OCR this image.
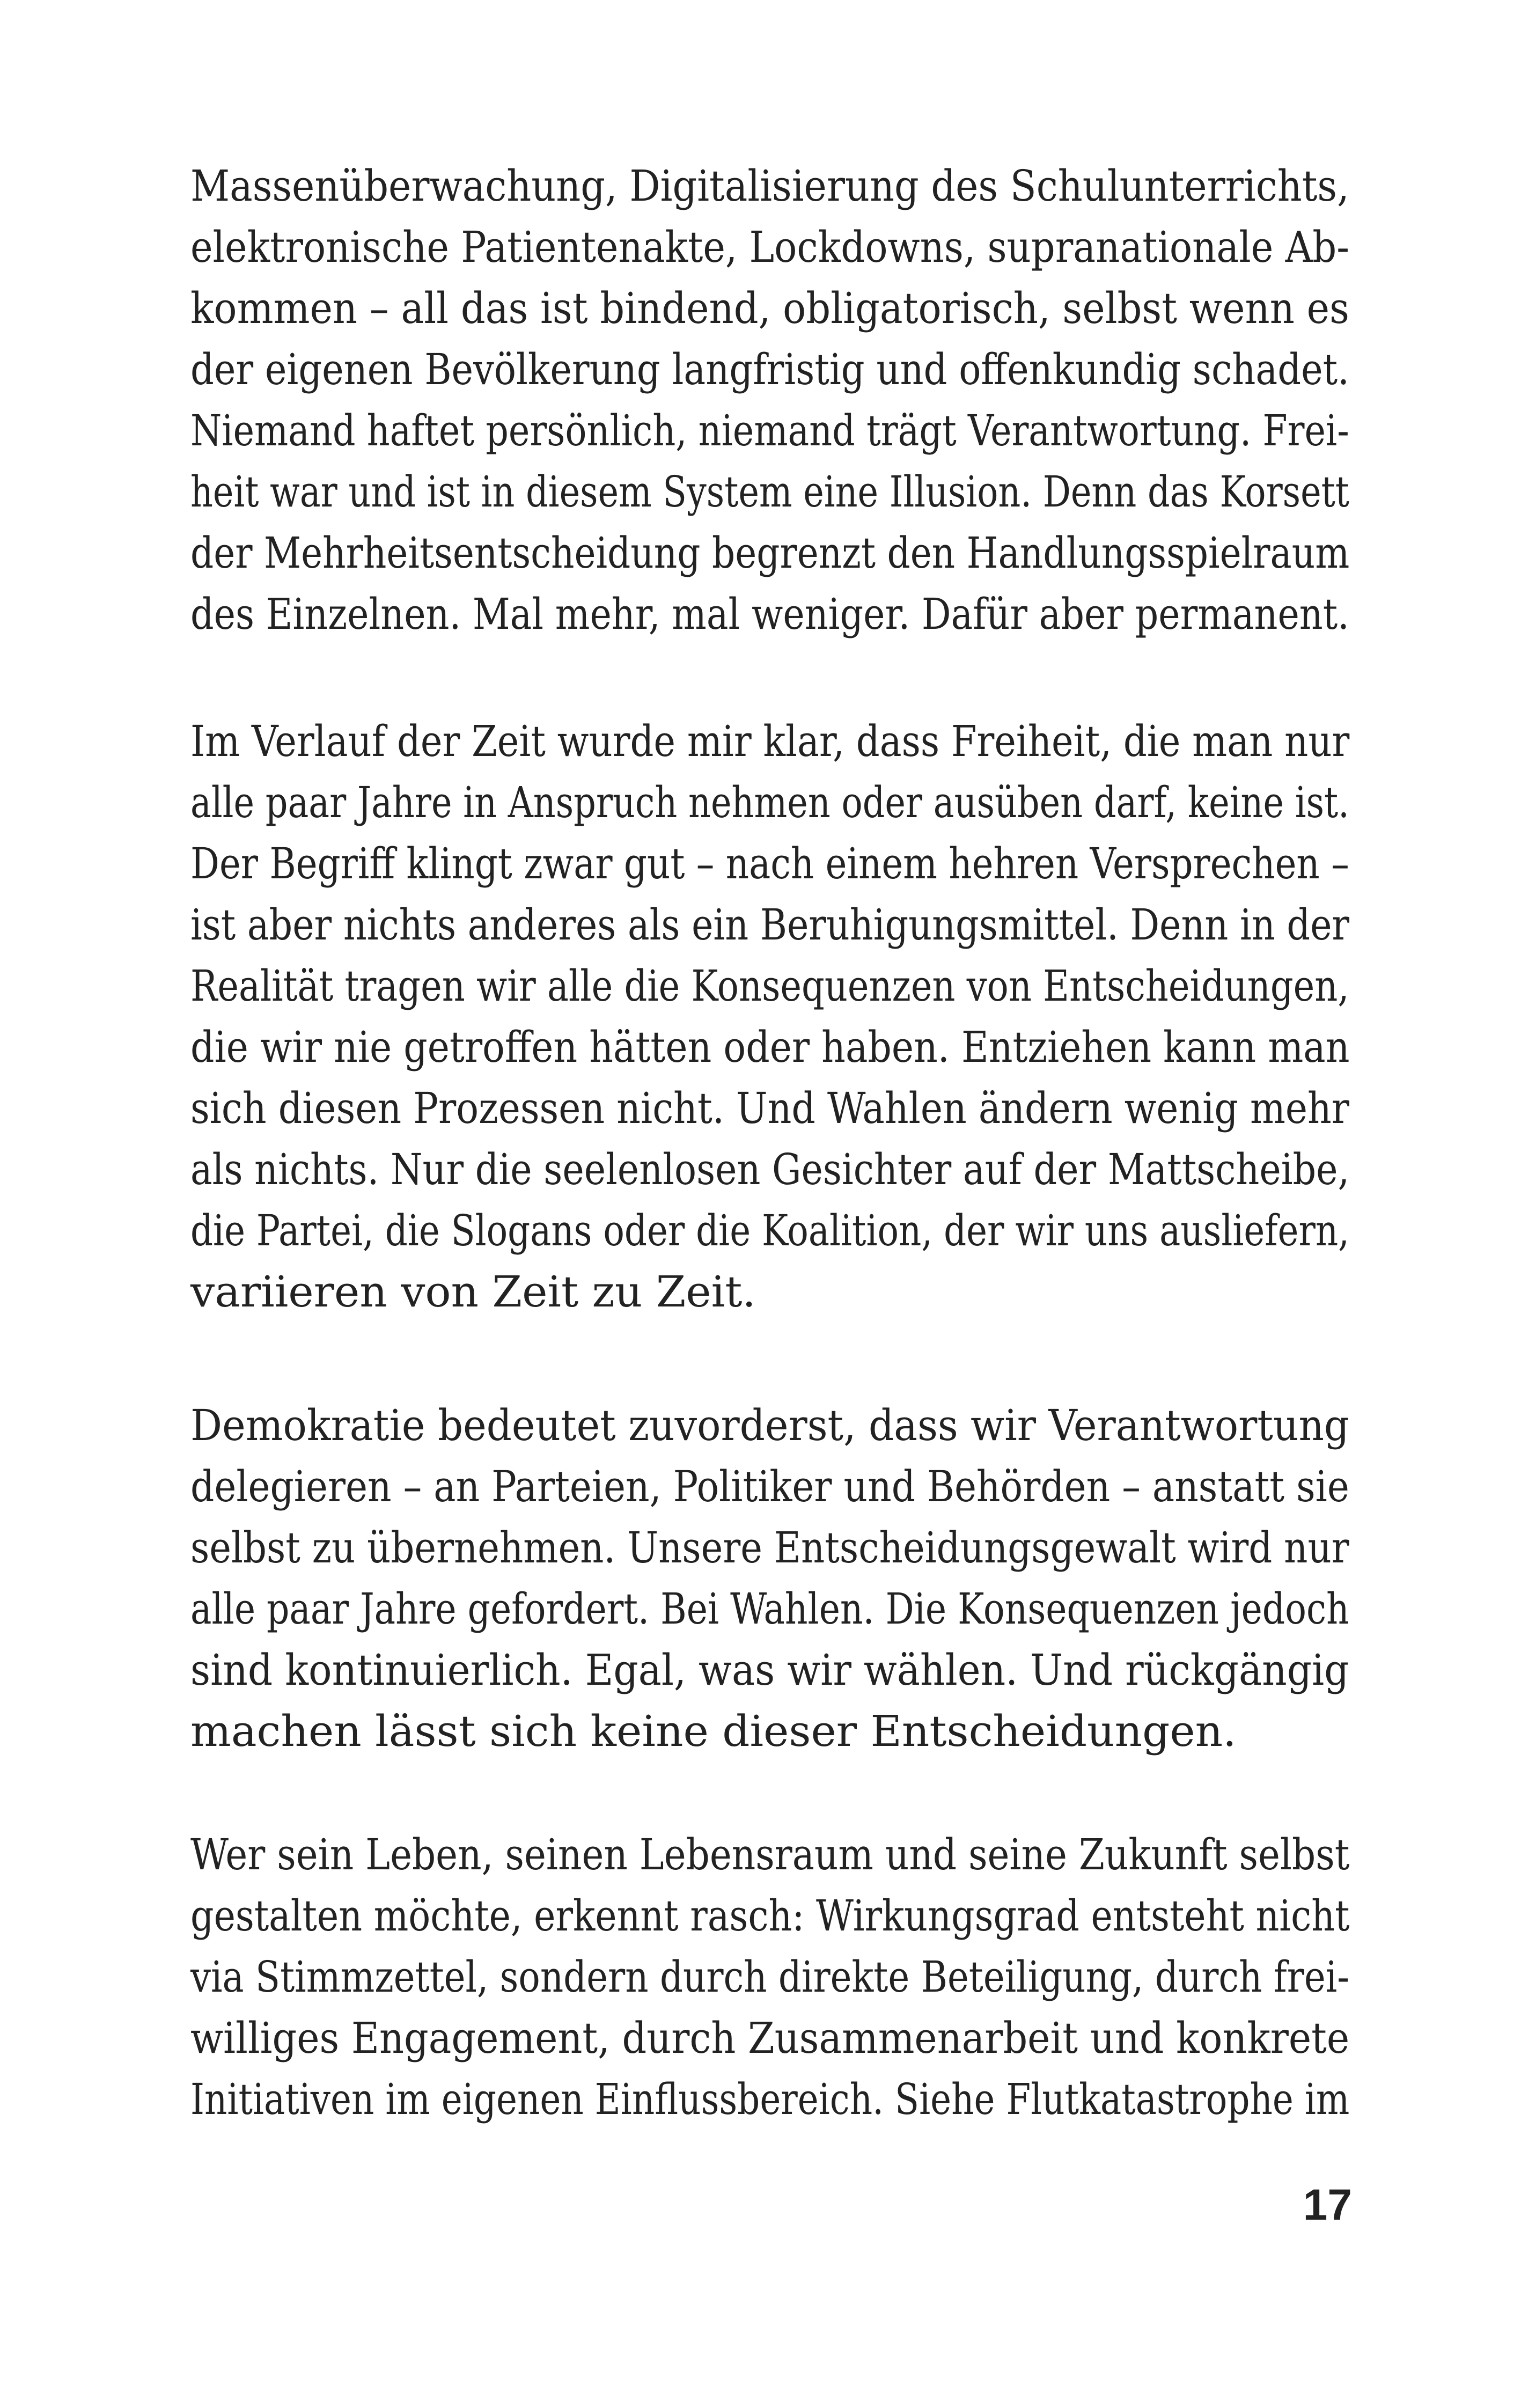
Massenüberwachung, Digitalisierung des Schulunterrichts,
elektronische Patientenakte, Lockdowns, supranationale Ab-
kommen – all das ist bindend, obligatorisch, selbst wenn es
der eigenen Bevölkerung langfristig und offenkundig schadet.
Niemand haftet persönlich, niemand trägt Verantwortung. Frei-
heit war und ist in diesem System eine Illusion. Denn das Korsett
der Mehrheitsentscheidung begrenzt den Handlungsspielraum
des Einzelnen. Mal mehr, mal weniger. Dafür aber permanent.
Im Verlauf der Zeit wurde mir klar, dass Freiheit, die man nur
alle paar Jahre in Anspruch nehmen oder ausüben darf, keine ist.
Der Begriff klingt zwar gut – nach einem hehren Versprechen –
ist aber nichts anderes als ein Beruhigungsmittel. Denn in der
Realität tragen wir alle die Konsequenzen von Entscheidungen,
die wir nie getroffen hätten oder haben. Entziehen kann man
sich diesen Prozessen nicht. Und Wahlen ändern wenig mehr
als nichts. Nur die seelenlosen Gesichter auf der Mattscheibe,
die Partei, die Slogans oder die Koalition, der wir uns ausliefern,
variieren von Zeit zu Zeit.
Demokratie bedeutet zuvorderst, dass wir Verantwortung
delegieren – an Parteien, Politiker und Behörden – anstatt sie
selbst zu übernehmen. Unsere Entscheidungsgewalt wird nur
alle paar Jahre gefordert. Bei Wahlen. Die Konsequenzen jedoch
sind kontinuierlich. Egal, was wir wählen. Und rückgängig
machen lässt sich keine dieser Entscheidungen.
Wer sein Leben, seinen Lebensraum und seine Zukunft selbst
gestalten möchte, erkennt rasch: Wirkungsgrad entsteht nicht
via Stimmzettel, sondern durch direkte Beteiligung, durch frei-
williges Engagement, durch Zusammenarbeit und konkrete
Initiativen im eigenen Einflussbereich. Siehe Flutkatastrophe im
17
